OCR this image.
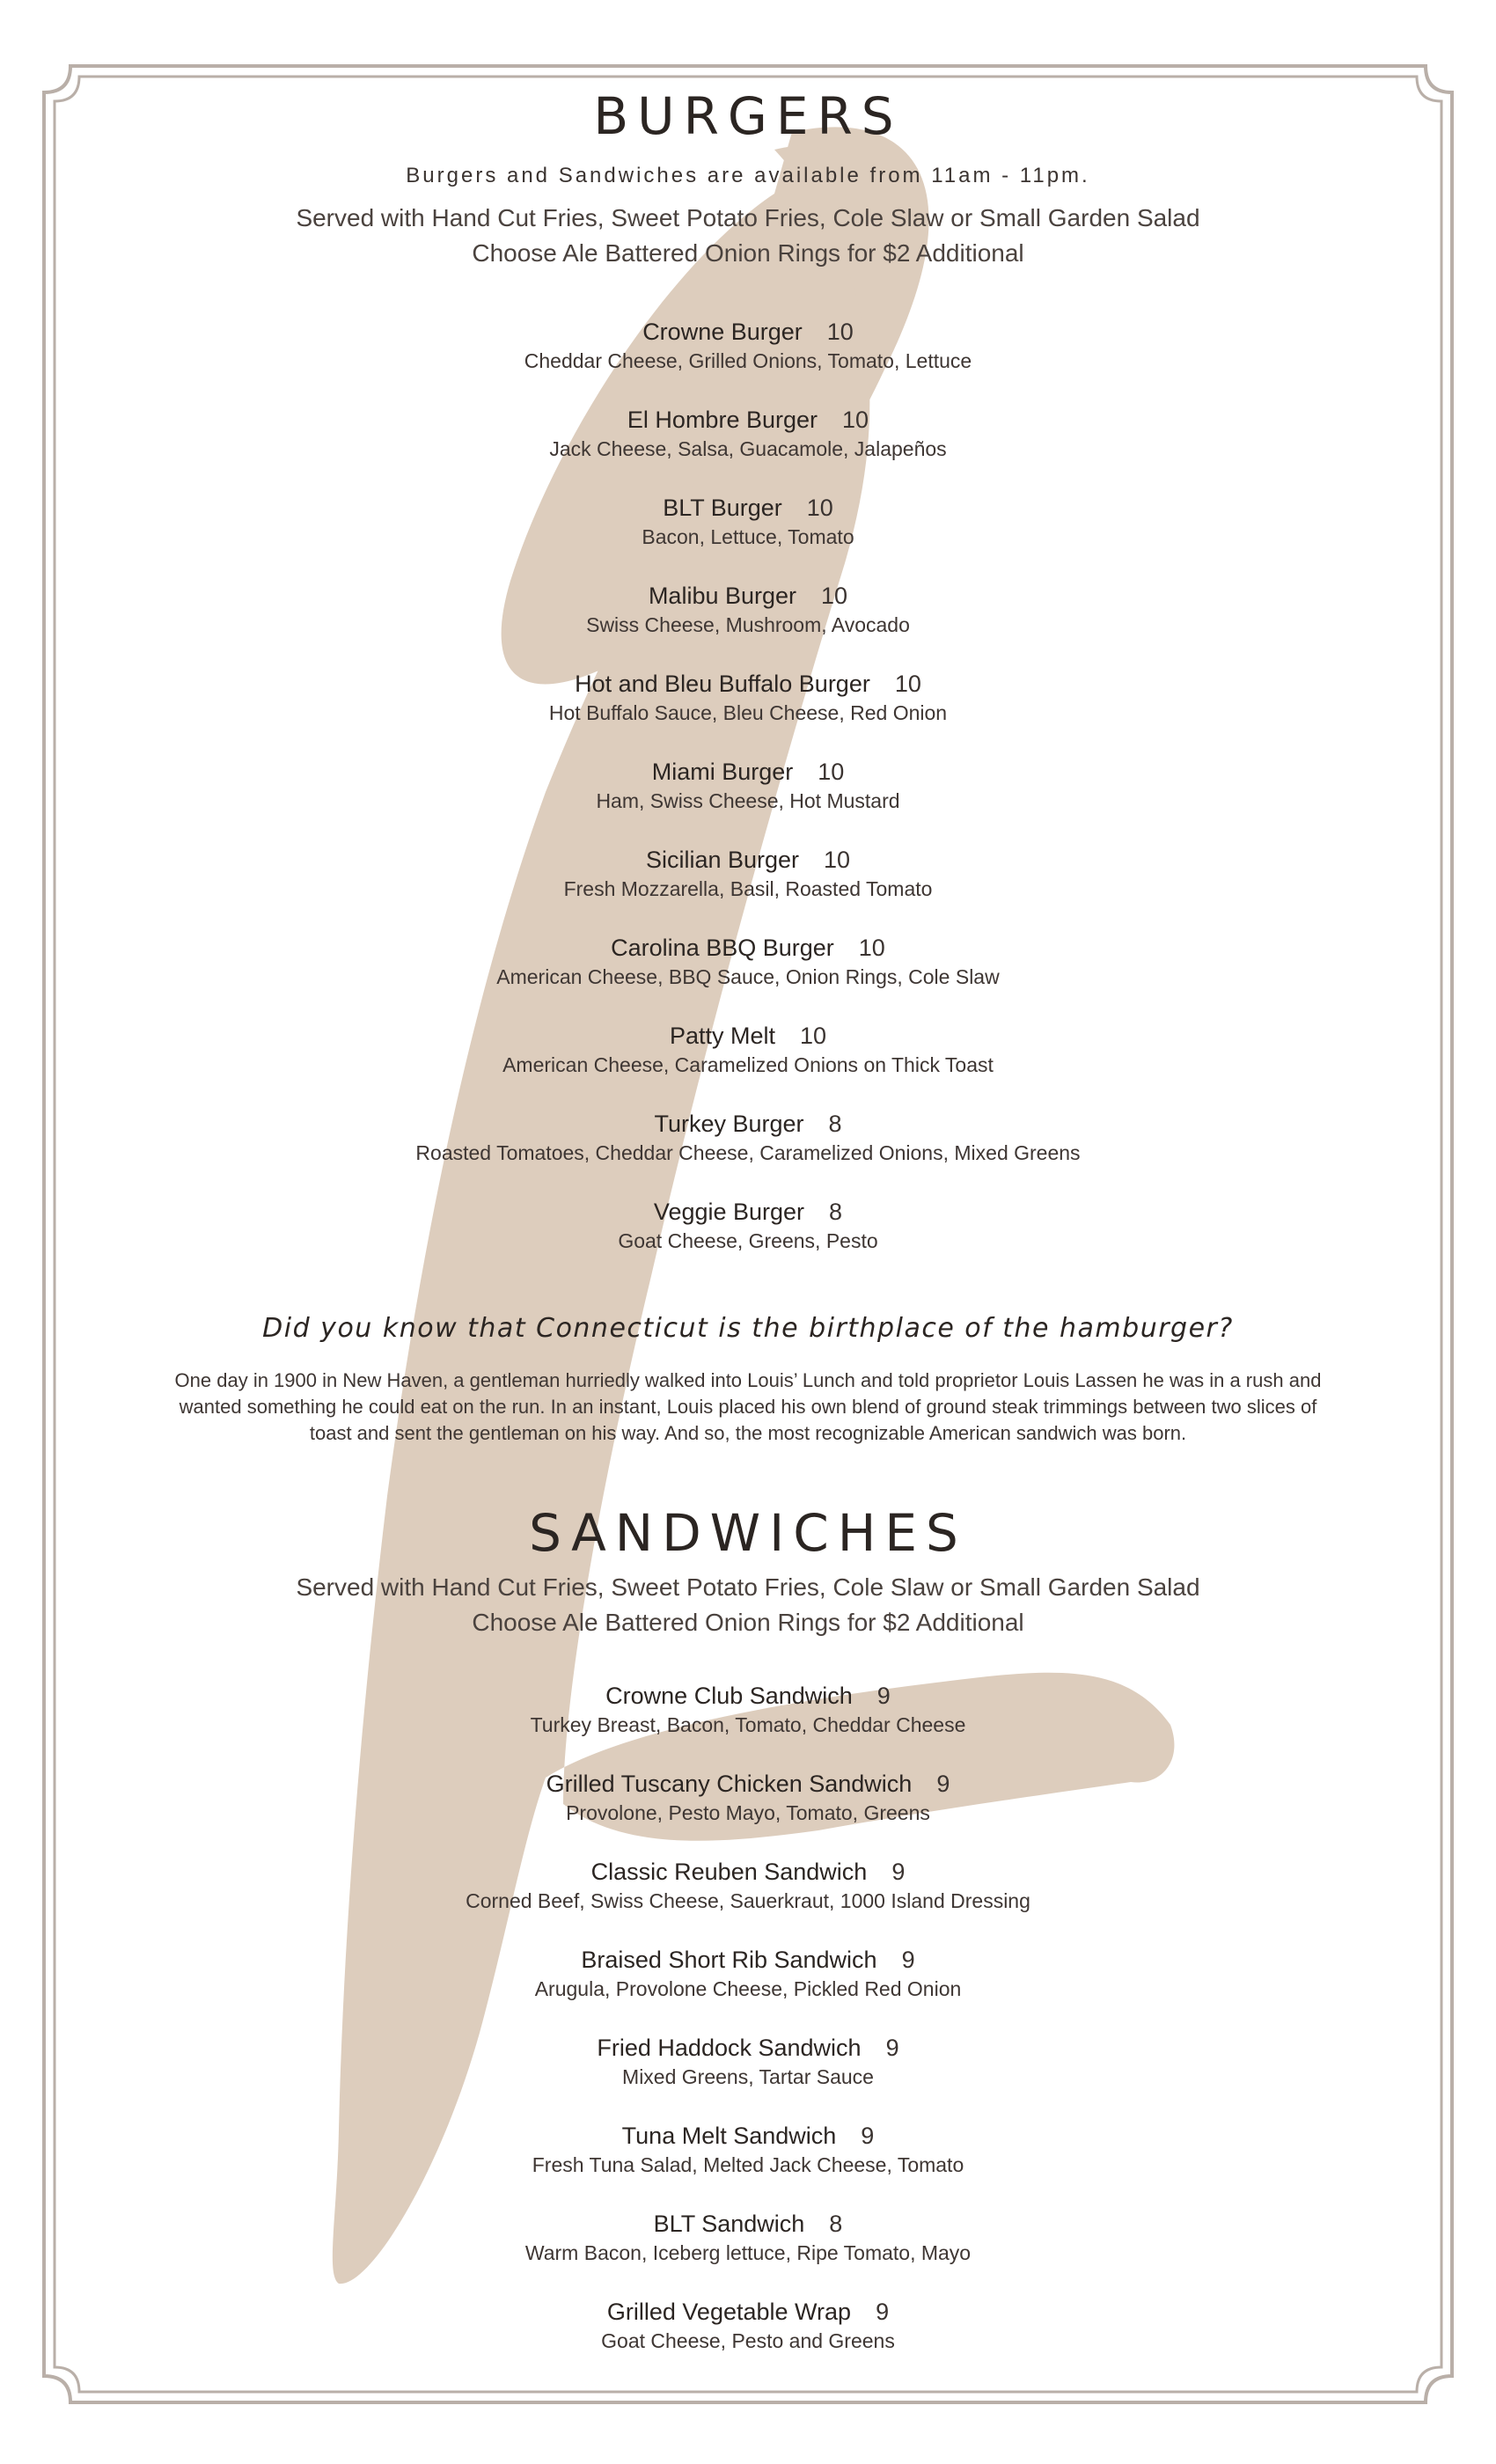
BURGERS
Burgers and Sandwiches are available from 11am - 11pm.
Served with Hand Cut Fries, Sweet Potato Fries, Cole Slaw or Small Garden Salad
Choose Ale Battered Onion Rings for $2 Additional
Crowne Burger 10
Cheddar Cheese, Grilled Onions, Tomato, Lettuce
El Hombre Burger 10
Jack Cheese, Salsa, Guacamole, Jalapeños
BLT Burger 10
Bacon, Lettuce, Tomato
Malibu Burger 10
Swiss Cheese, Mushroom, Avocado
Hot and Bleu Buffalo Burger 10
Hot Buffalo Sauce, Bleu Cheese, Red Onion
Miami Burger 10
Ham, Swiss Cheese, Hot Mustard
Sicilian Burger 10
Fresh Mozzarella, Basil, Roasted Tomato
Carolina BBQ Burger 10
American Cheese, BBQ Sauce, Onion Rings, Cole Slaw
Patty Melt 10
American Cheese, Caramelized Onions on Thick Toast
Turkey Burger 8
Roasted Tomatoes, Cheddar Cheese, Caramelized Onions, Mixed Greens
Veggie Burger 8
Goat Cheese, Greens, Pesto
Did you know that Connecticut is the birthplace of the hamburger?
One day in 1900 in New Haven, a gentleman hurriedly walked into Louis’ Lunch and told proprietor Louis Lassen he was in a rush and wanted something he could eat on the run. In an instant, Louis placed his own blend of ground steak trimmings between two slices of toast and sent the gentleman on his way. And so, the most recognizable American sandwich was born.
SANDWICHES
Served with Hand Cut Fries, Sweet Potato Fries, Cole Slaw or Small Garden Salad
Choose Ale Battered Onion Rings for $2 Additional
Crowne Club Sandwich 9
Turkey Breast, Bacon, Tomato, Cheddar Cheese
Grilled Tuscany Chicken Sandwich 9
Provolone, Pesto Mayo, Tomato, Greens
Classic Reuben Sandwich 9
Corned Beef, Swiss Cheese, Sauerkraut, 1000 Island Dressing
Braised Short Rib Sandwich 9
Arugula, Provolone Cheese, Pickled Red Onion
Fried Haddock Sandwich 9
Mixed Greens, Tartar Sauce
Tuna Melt Sandwich 9
Fresh Tuna Salad, Melted Jack Cheese, Tomato
BLT Sandwich 8
Warm Bacon, Iceberg lettuce, Ripe Tomato, Mayo
Grilled Vegetable Wrap 9
Goat Cheese, Pesto and Greens
